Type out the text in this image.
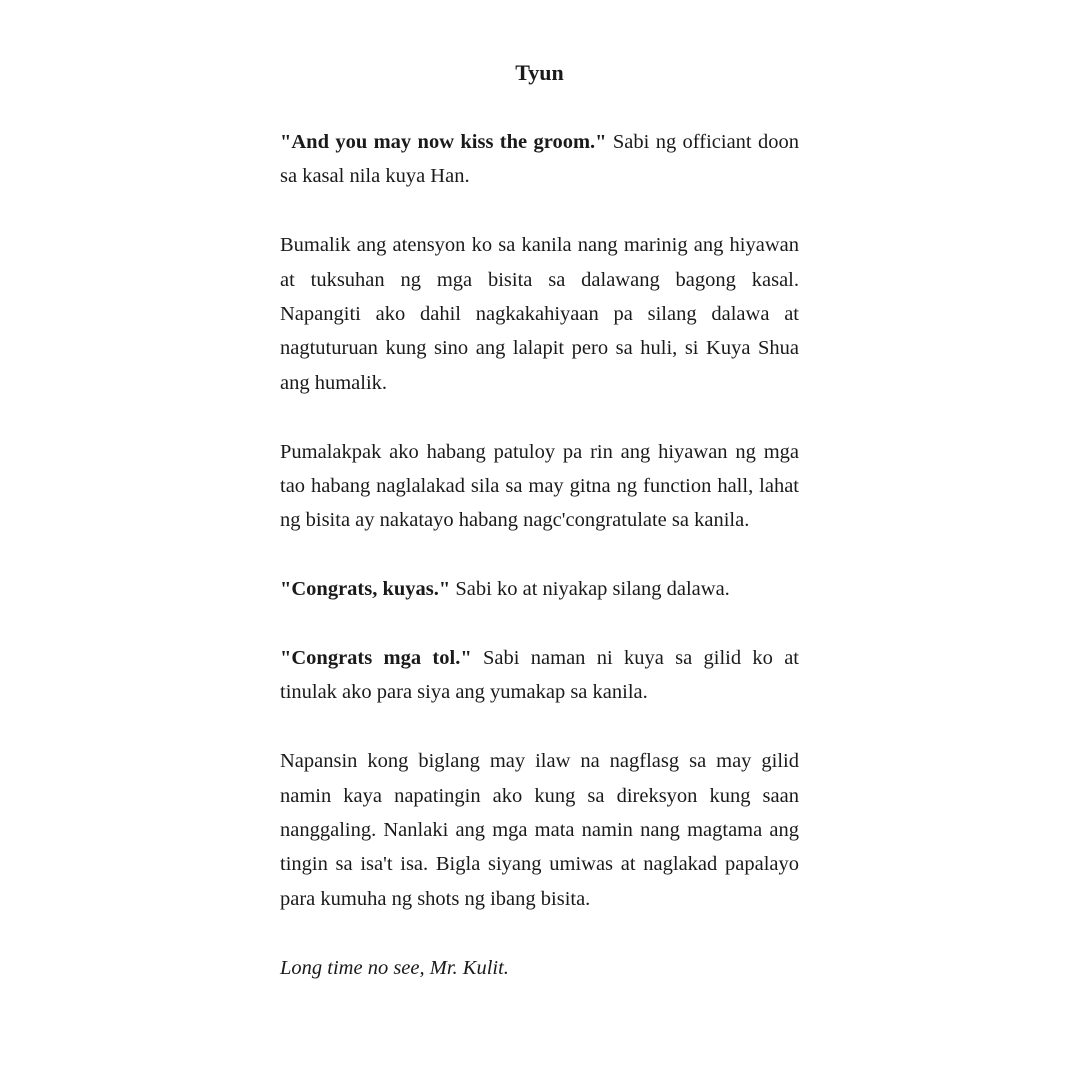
Tyun

"And you may now kiss the groom." Sabi ng officiant doon sa kasal nila kuya Han.

Bumalik ang atensyon ko sa kanila nang marinig ang hiyawan at tuksuhan ng mga bisita sa dalawang bagong kasal. Napangiti ako dahil nagkakahiyaan pa silang dalawa at nagtuturuan kung sino ang lalapit pero sa huli, si Kuya Shua ang humalik.

Pumalakpak ako habang patuloy pa rin ang hiyawan ng mga tao habang naglalakad sila sa may gitna ng function hall, lahat ng bisita ay nakatayo habang nagc'congratulate sa kanila.

"Congrats, kuyas." Sabi ko at niyakap silang dalawa.

"Congrats mga tol." Sabi naman ni kuya sa gilid ko at tinulak ako para siya ang yumakap sa kanila.

Napansin kong biglang may ilaw na nagflasg sa may gilid namin kaya napatingin ako kung sa direksyon kung saan nanggaling. Nanlaki ang mga mata namin nang magtama ang tingin sa isa't isa. Bigla siyang umiwas at naglakad papalayo para kumuha ng shots ng ibang bisita.

Long time no see, Mr. Kulit.
